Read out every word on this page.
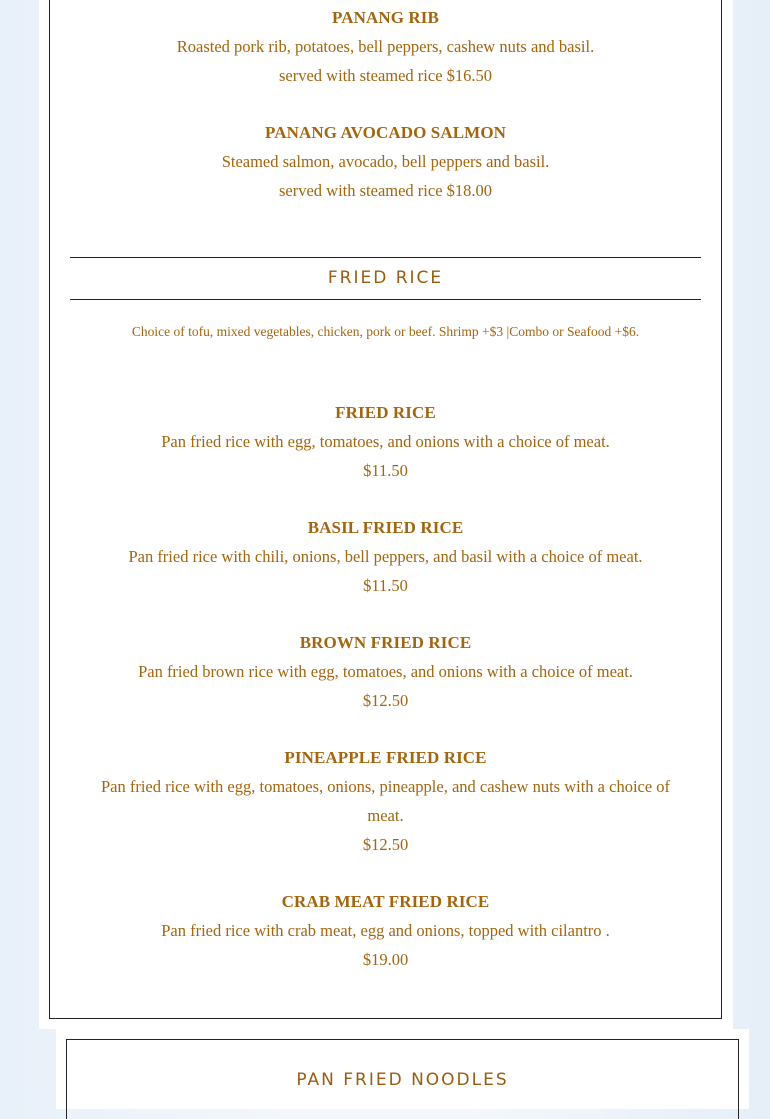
PANANG RIB

Roasted pork rib, potatoes, bell peppers, cashew nuts and basil.

served with steamed rice $16.50

PANANG AVOCADO SALMON

Steamed salmon, avocado, bell peppers and basil.

served with steamed rice $18.00

FRIED RICE
Choice of tofu, mixed vegetables, chicken, pork or beef. Shrimp +$3 |Combo or Seafood +$6.

FRIED RICE

Pan fried rice with egg, tomatoes, and onions with a choice of meat.

$11.50

BASIL FRIED RICE

Pan fried rice with chili, onions, bell peppers, and basil with a choice of meat.

$11.50

BROWN FRIED RICE

Pan fried brown rice with egg, tomatoes, and onions with a choice of meat.

$12.50

PINEAPPLE FRIED RICE

Pan fried rice with egg, tomatoes, onions, pineapple, and cashew nuts with a choice of meat.

$12.50

CRAB MEAT FRIED RICE

Pan fried rice with crab meat, egg and onions, topped with cilantro .

$19.00

PAN FRIED NOODLES
